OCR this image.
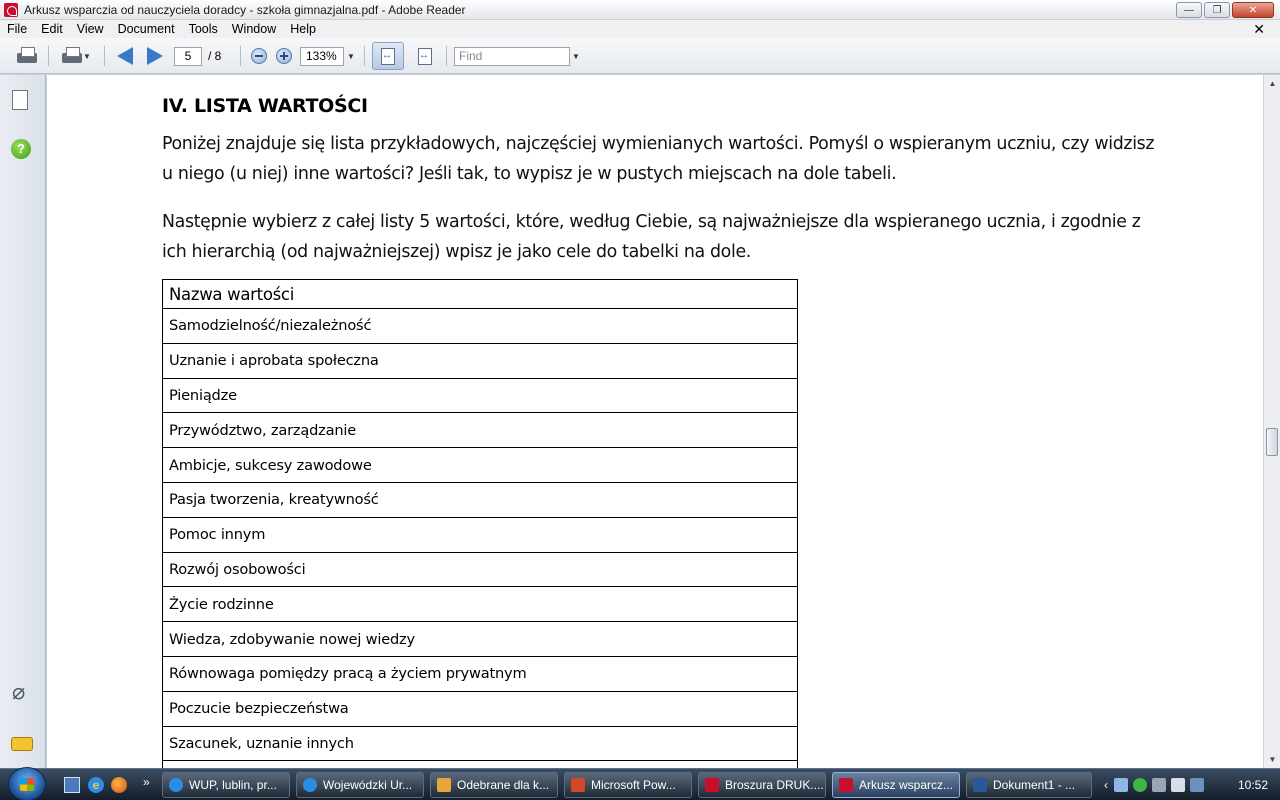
Arkusz wsparczia od nauczyciela doradcy - szkoła gimnazjalna.pdf - Adobe Reader	—	❐	✕
File	Edit	View	Document	Tools	Window	Help	✕
▼	5	/ 8	133%	▼ ↔ ↔	Find	▼
?
⌀
IV. LISTA WARTOŚCI

Poniżej znajduje się lista przykładowych, najczęściej wymienianych wartości. Pomyśl o wspieranym uczniu, czy widzisz u niego (u niej) inne wartości? Jeśli tak, to wypisz je w pustych miejscach na dole tabeli.

Następnie wybierz z całej listy 5 wartości, które, według Ciebie, są najważniejsze dla wspieranego ucznia, i zgodnie z ich hierarchią (od najważniejszej) wpisz je jako cele do tabelki na dole.

Nazwa wartości
Samodzielność/niezależność
Uznanie i aprobata społeczna
Pieniądze
Przywództwo, zarządzanie
Ambicje, sukcesy zawodowe
Pasja tworzenia, kreatywność
Pomoc innym
Rozwój osobowości
Życie rodzinne
Wiedza, zdobywanie nowej wiedzy
Równowaga pomiędzy pracą a życiem prywatnym
Poczucie bezpieczeństwa
Szacunek, uznanie innych

▲
▼
e	»	WUP, lublin, pr...	Wojewódzki Ur...	Odebrane dla k...	Microsoft Pow...	Broszura DRUK....	Arkusz wsparcz...	Dokument1 - ... ‹	10:52
